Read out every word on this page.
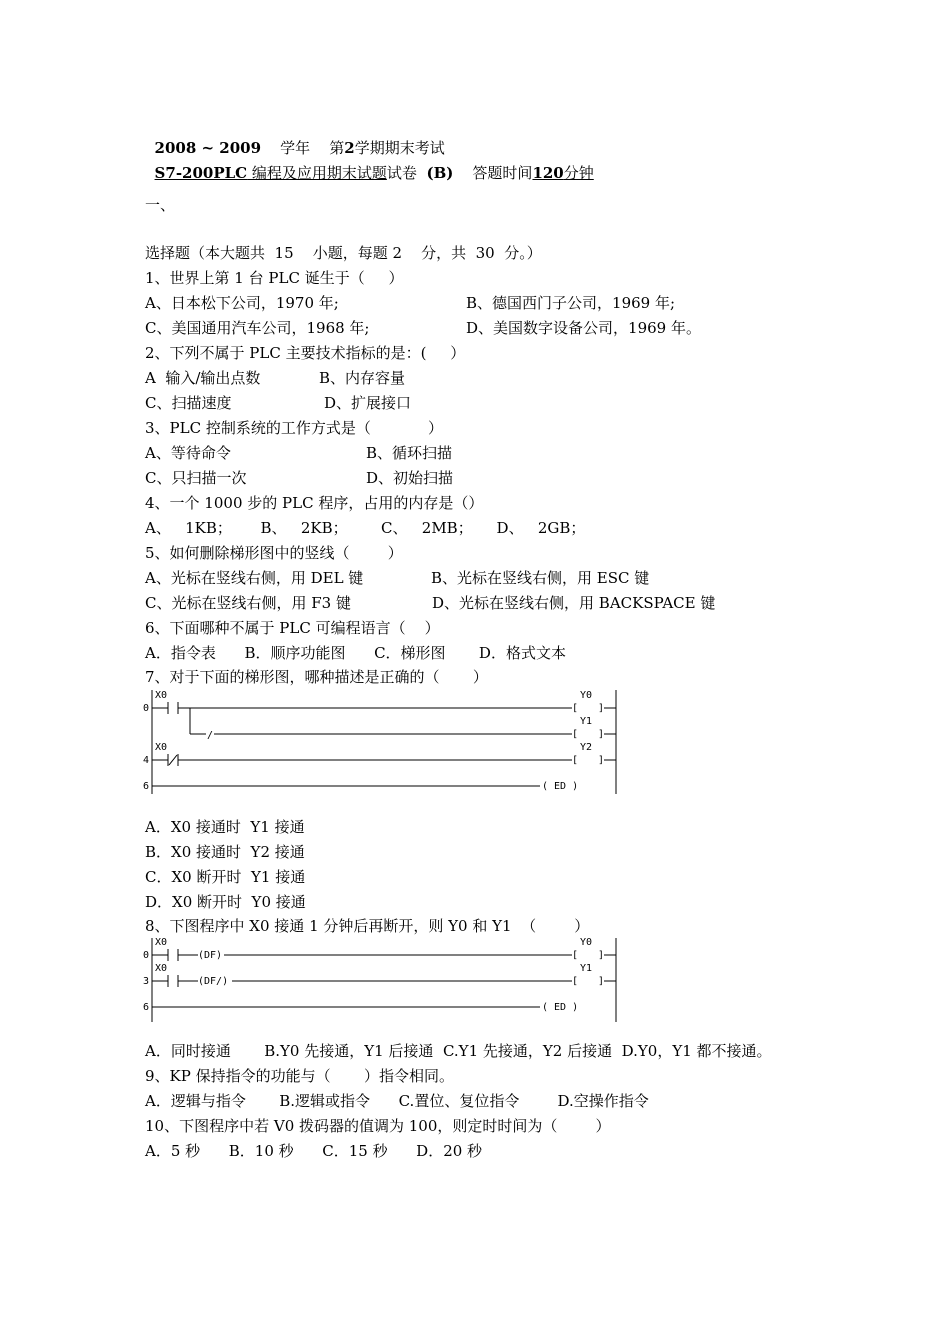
2008 ~ 2009 学年 第2学期期末考试

S7-200PLC 编程及应用期末试题试卷 (B) 答题时间120分钟

一、
选择题（本大题共  15    小题，每题 2    分，共  30  分。）
1、世界上第 1 台 PLC 诞生于（     ）
A、日本松下公司，1970 年;	B、德国西门子公司，1969 年;
C、美国通用汽车公司，1968 年;	D、美国数字设备公司，1969 年。
2、下列不属于 PLC 主要技术指标的是：(     ）
A  输入/输出点数	B、内存容量
C、扫描速度	D、扩展接口
3、PLC 控制系统的工作方式是（            ）
A、等待命令	B、循环扫描
C、只扫描一次	D、初始扫描
4、一个 1000 步的 PLC 程序，占用的内存是（）
A、   1KB；      B、   2KB；       C、   2MB；     D、   2GB；
5、如何删除梯形图中的竖线（        ）
A、光标在竖线右侧，用 DEL 键	B、光标在竖线右侧，用 ESC 键
C、光标在竖线右侧，用 F3 键	D、光标在竖线右侧，用 BACKSPACE 键
6、下面哪种不属于 PLC 可编程语言（    ）
A．指令表      B．顺序功能图      C．梯形图       D．格式文本
7、对于下面的梯形图，哪种描述是正确的（       ）
0
4
6
X0
X0
Y0
[ ]
/
Y1
[ ]
Y2
[ ]
( ED )
A．X0 接通时  Y1 接通
B．X0 接通时  Y2 接通
C．X0 断开时  Y1 接通
D．X0 断开时  Y0 接通
8、下图程序中 X0 接通 1 分钟后再断开，则 Y0 和 Y1  （        ）
0
3
6
X0
X0
(DF)
Y0
[ ]
(DF/)
Y1
[ ]
( ED )
A．同时接通       B.Y0 先接通，Y1 后接通  C.Y1 先接通，Y2 后接通  D.Y0，Y1 都不接通。
9、KP 保持指令的功能与（       ）指令相同。
A．逻辑与指令       B.逻辑或指令      C.置位、复位指令        D.空操作指令
10、下图程序中若 V0 拨码器的值调为 100，则定时时间为（        ）
A．5 秒      B．10 秒      C．15 秒      D．20 秒
